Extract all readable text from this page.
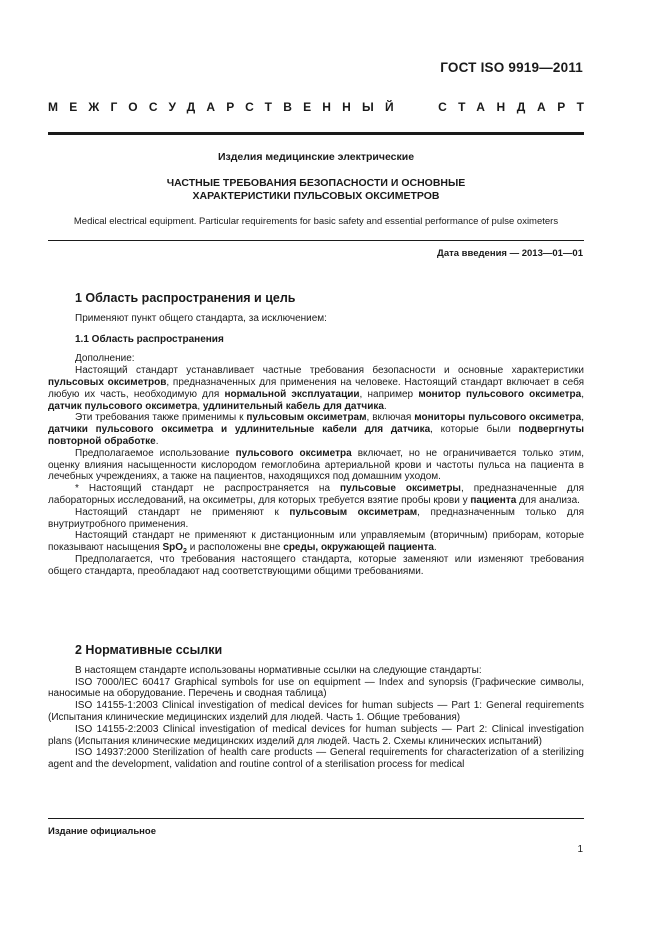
ГОСТ ISO 9919—2011
МЕЖГОСУДАРСТВЕННЫЙ	СТАНДАРТ
Изделия медицинские электрические
ЧАСТНЫЕ ТРЕБОВАНИЯ БЕЗОПАСНОСТИ И ОСНОВНЫЕ
ХАРАКТЕРИСТИКИ ПУЛЬСОВЫХ ОКСИМЕТРОВ
Medical electrical equipment. Particular requirements for basic safety and essential performance of pulse oximeters
Дата введения — 2013—01—01
1 Область распространения и цель

Применяют пункт общего стандарта, за исключением:

1.1 Область распространения

Дополнение:

Настоящий стандарт устанавливает частные требования безопасности и основные характеристики пульсовых оксиметров, предназначенных для применения на человеке. Настоящий стандарт включает в себя любую их часть, необходимую для нормальной эксплуатации, например монитор пульсового оксиметра, датчик пульсового оксиметра, удлинительный кабель для датчика.

Эти требования также применимы к пульсовым оксиметрам, включая мониторы пульсового оксиметра, датчики пульсового оксиметра и удлинительные кабели для датчика, которые были подвергнуты повторной обработке.

Предполагаемое использование пульсового оксиметра включает, но не ограничивается только этим, оценку влияния насыщенности кислородом гемоглобина артериальной крови и частоты пульса на пациента в лечебных учреждениях, а также на пациентов, находящихся под домашним уходом.

* Настоящий стандарт не распространяется на пульсовые оксиметры, предназначенные для лабораторных исследований, на оксиметры, для которых требуется взятие пробы крови у пациента для анализа.

Настоящий стандарт не применяют к пульсовым оксиметрам, предназначенным только для внутриутробного применения.

Настоящий стандарт не применяют к дистанционным или управляемым (вторичным) приборам, которые показывают насыщения SpO$_2$ и расположены вне среды, окружающей пациента.

Предполагается, что требования настоящего стандарта, которые заменяют или изменяют требования общего стандарта, преобладают над соответствующими общими требованиями.

2 Нормативные ссылки

В настоящем стандарте использованы нормативные ссылки на следующие стандарты:

ISO 7000/IEC 60417 Graphical symbols for use on equipment — Index and synopsis (Графические символы, наносимые на оборудование. Перечень и сводная таблица)

ISO 14155-1:2003 Clinical investigation of medical devices for human subjects — Part 1: General requirements (Испытания клинические медицинских изделий для людей. Часть 1. Общие требования)

ISO 14155-2:2003 Clinical investigation of medical devices for human subjects — Part 2: Clinical investigation plans (Испытания клинические медицинских изделий для людей. Часть 2. Схемы клинических испытаний)

ISO 14937:2000 Sterilization of health care products — General requirements for characterization of a sterilizing agent and the development, validation and routine control of a sterilisation process for medical

Издание официальное
1
